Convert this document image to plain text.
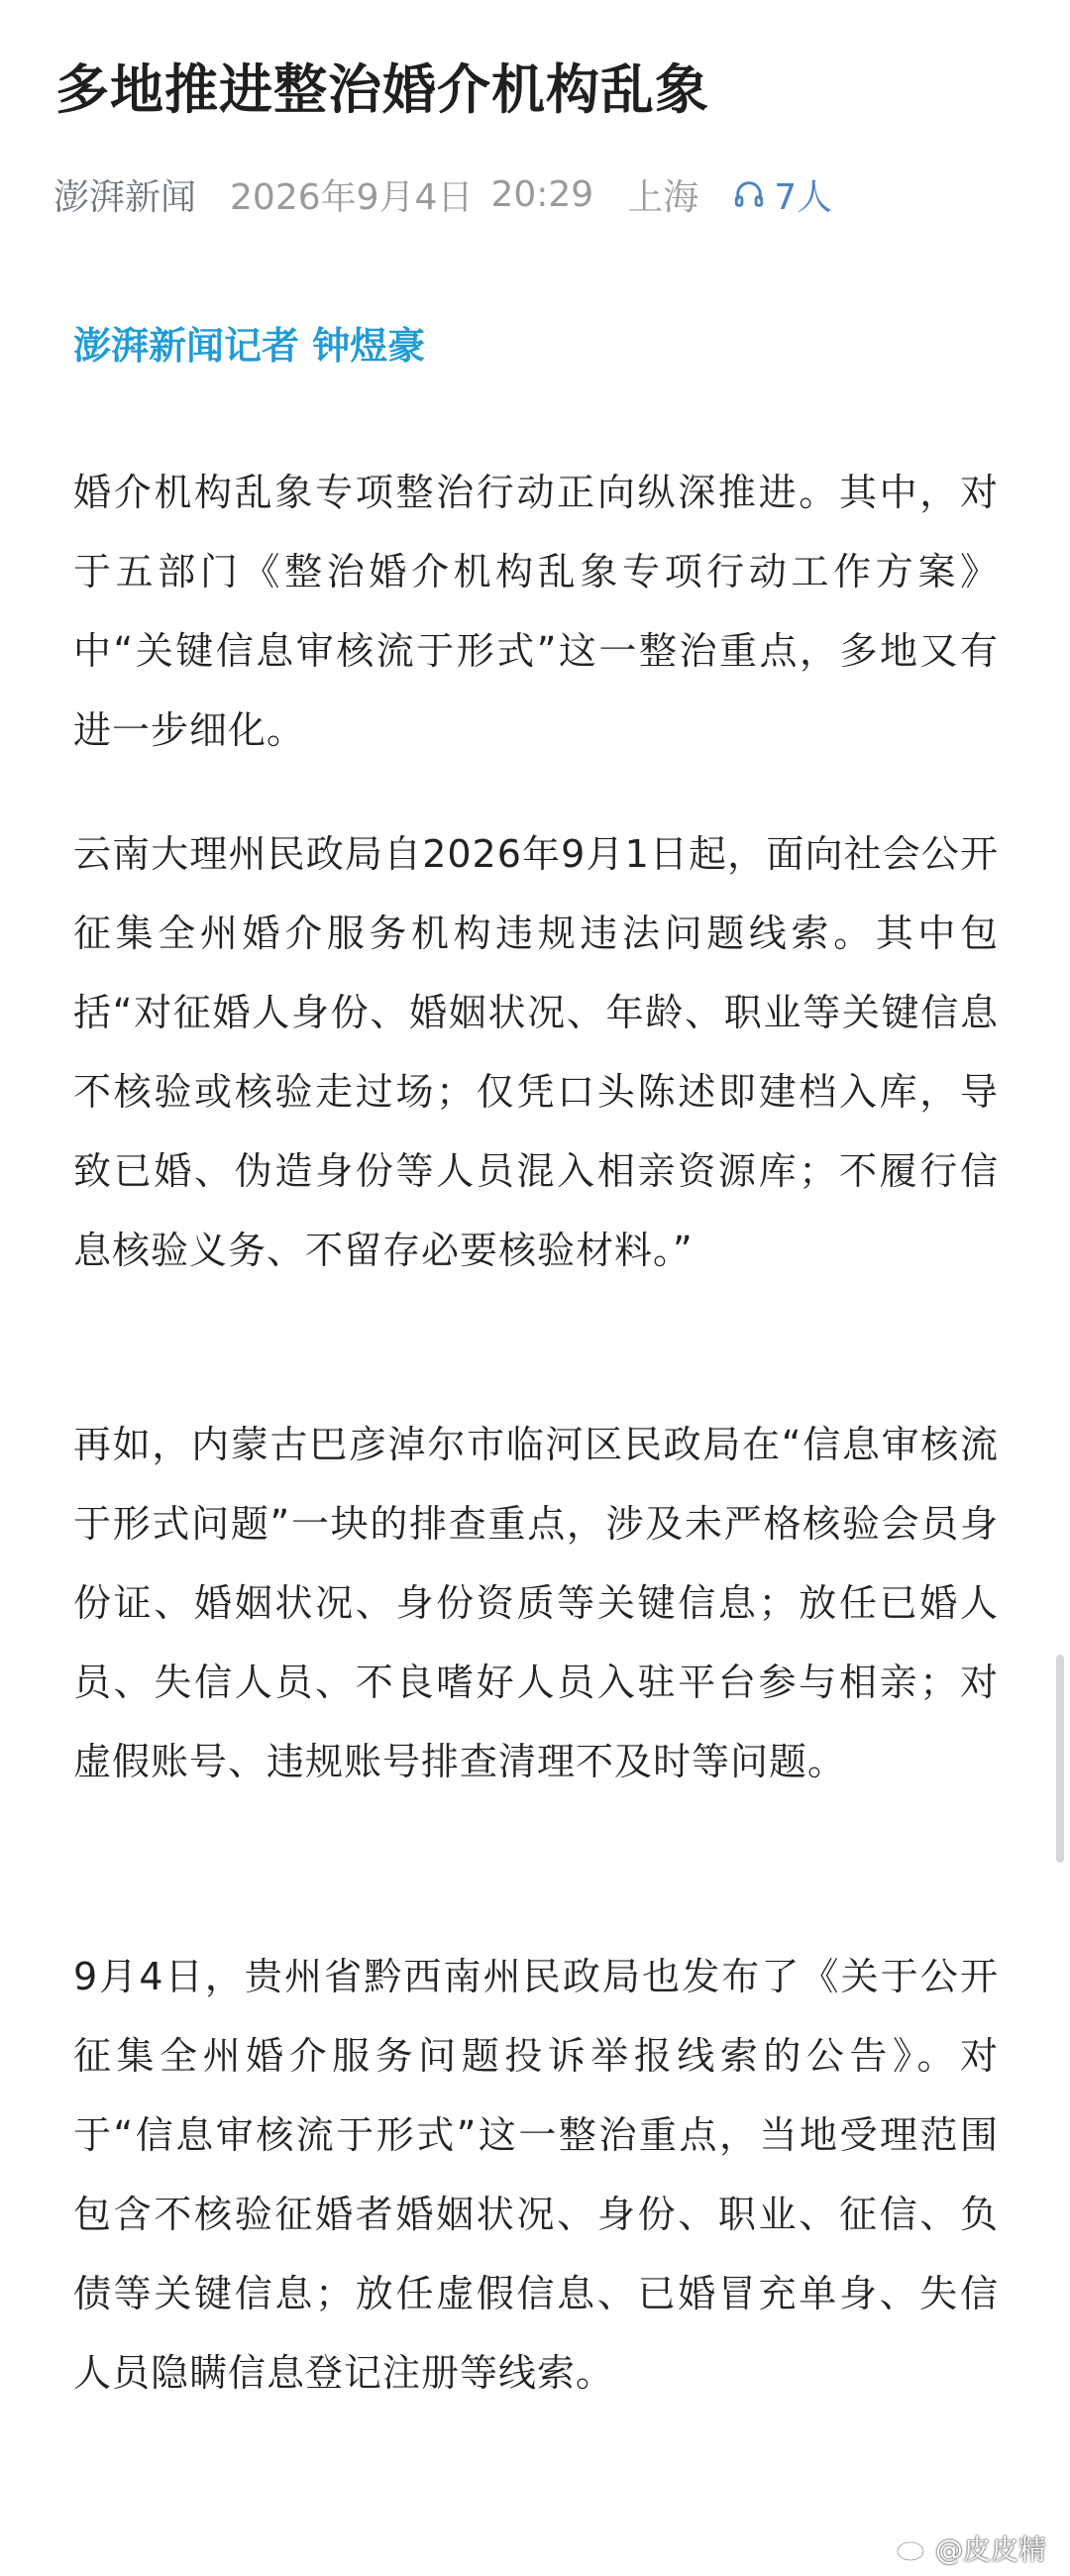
多地推进整治婚介机构乱象
澎湃新闻 2026年9月4日 20:29 上海 7人
澎湃新闻记者 钟煜豪

婚介机构乱象专项整治行动正向纵深推进。其中，对于五部门《整治婚介机构乱象专项行动工作方案》中“关键信息审核流于形式”这一整治重点，多地又有进一步细化。

云南大理州民政局自2026年9月1日起，面向社会公开征集全州婚介服务机构违规违法问题线索。其中包括“对征婚人身份、婚姻状况、年龄、职业等关键信息不核验或核验走过场；仅凭口头陈述即建档入库，导致已婚、伪造身份等人员混入相亲资源库；不履行信息核验义务、不留存必要核验材料。”

再如，内蒙古巴彦淖尔市临河区民政局在“信息审核流于形式问题”一块的排查重点，涉及未严格核验会员身份证、婚姻状况、身份资质等关键信息；放任已婚人员、失信人员、不良嗜好人员入驻平台参与相亲；对虚假账号、违规账号排查清理不及时等问题。

9月4日，贵州省黔西南州民政局也发布了《关于公开征集全州婚介服务问题投诉举报线索的公告》。对于“信息审核流于形式”这一整治重点，当地受理范围包含不核验征婚者婚姻状况、身份、职业、征信、负债等关键信息；放任虚假信息、已婚冒充单身、失信人员隐瞒信息登记注册等线索。

@皮皮精
